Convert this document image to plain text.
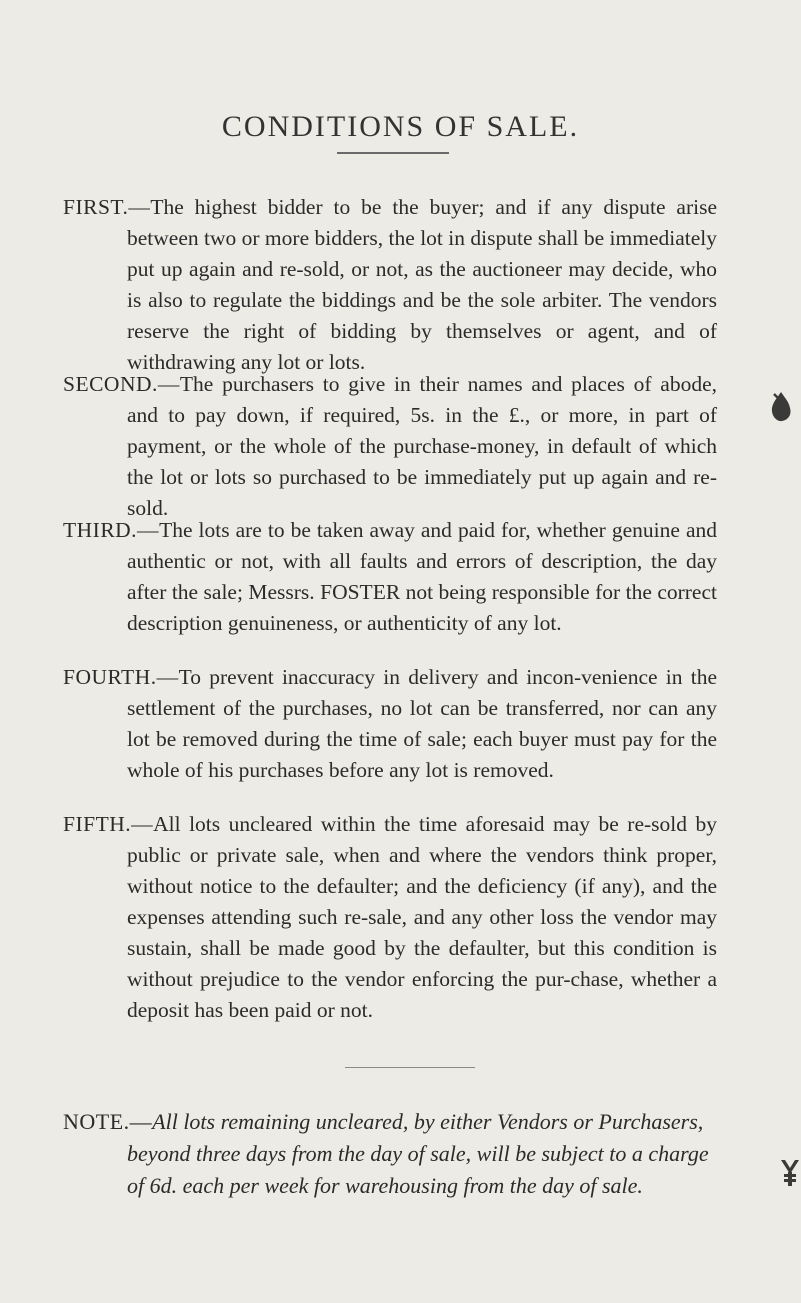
CONDITIONS OF SALE.

FIRST.—The highest bidder to be the buyer; and if any dispute arise between two or more bidders, the lot in dispute shall be immediately put up again and re-sold, or not, as the auctioneer may decide, who is also to regulate the biddings and be the sole arbiter. The vendors reserve the right of bidding by themselves or agent, and of withdrawing any lot or lots.

SECOND.—The purchasers to give in their names and places of abode, and to pay down, if required, 5s. in the £., or more, in part of payment, or the whole of the purchase-money, in default of which the lot or lots so purchased to be immediately put up again and re-sold.

THIRD.—The lots are to be taken away and paid for, whether genuine and authentic or not, with all faults and errors of description, the day after the sale; Messrs. FOSTER not being responsible for the correct description genuineness, or authenticity of any lot.

FOURTH.—To prevent inaccuracy in delivery and incon-venience in the settlement of the purchases, no lot can be transferred, nor can any lot be removed during the time of sale; each buyer must pay for the whole of his purchases before any lot is removed.

FIFTH.—All lots uncleared within the time aforesaid may be re-sold by public or private sale, when and where the vendors think proper, without notice to the defaulter; and the deficiency (if any), and the expenses attending such re-sale, and any other loss the vendor may sustain, shall be made good by the defaulter, but this condition is without prejudice to the vendor enforcing the pur-chase, whether a deposit has been paid or not.

NOTE.—All lots remaining uncleared, by either Vendors or Purchasers, beyond three days from the day of sale, will be subject to a charge of 6d. each per week for warehousing from the day of sale.
